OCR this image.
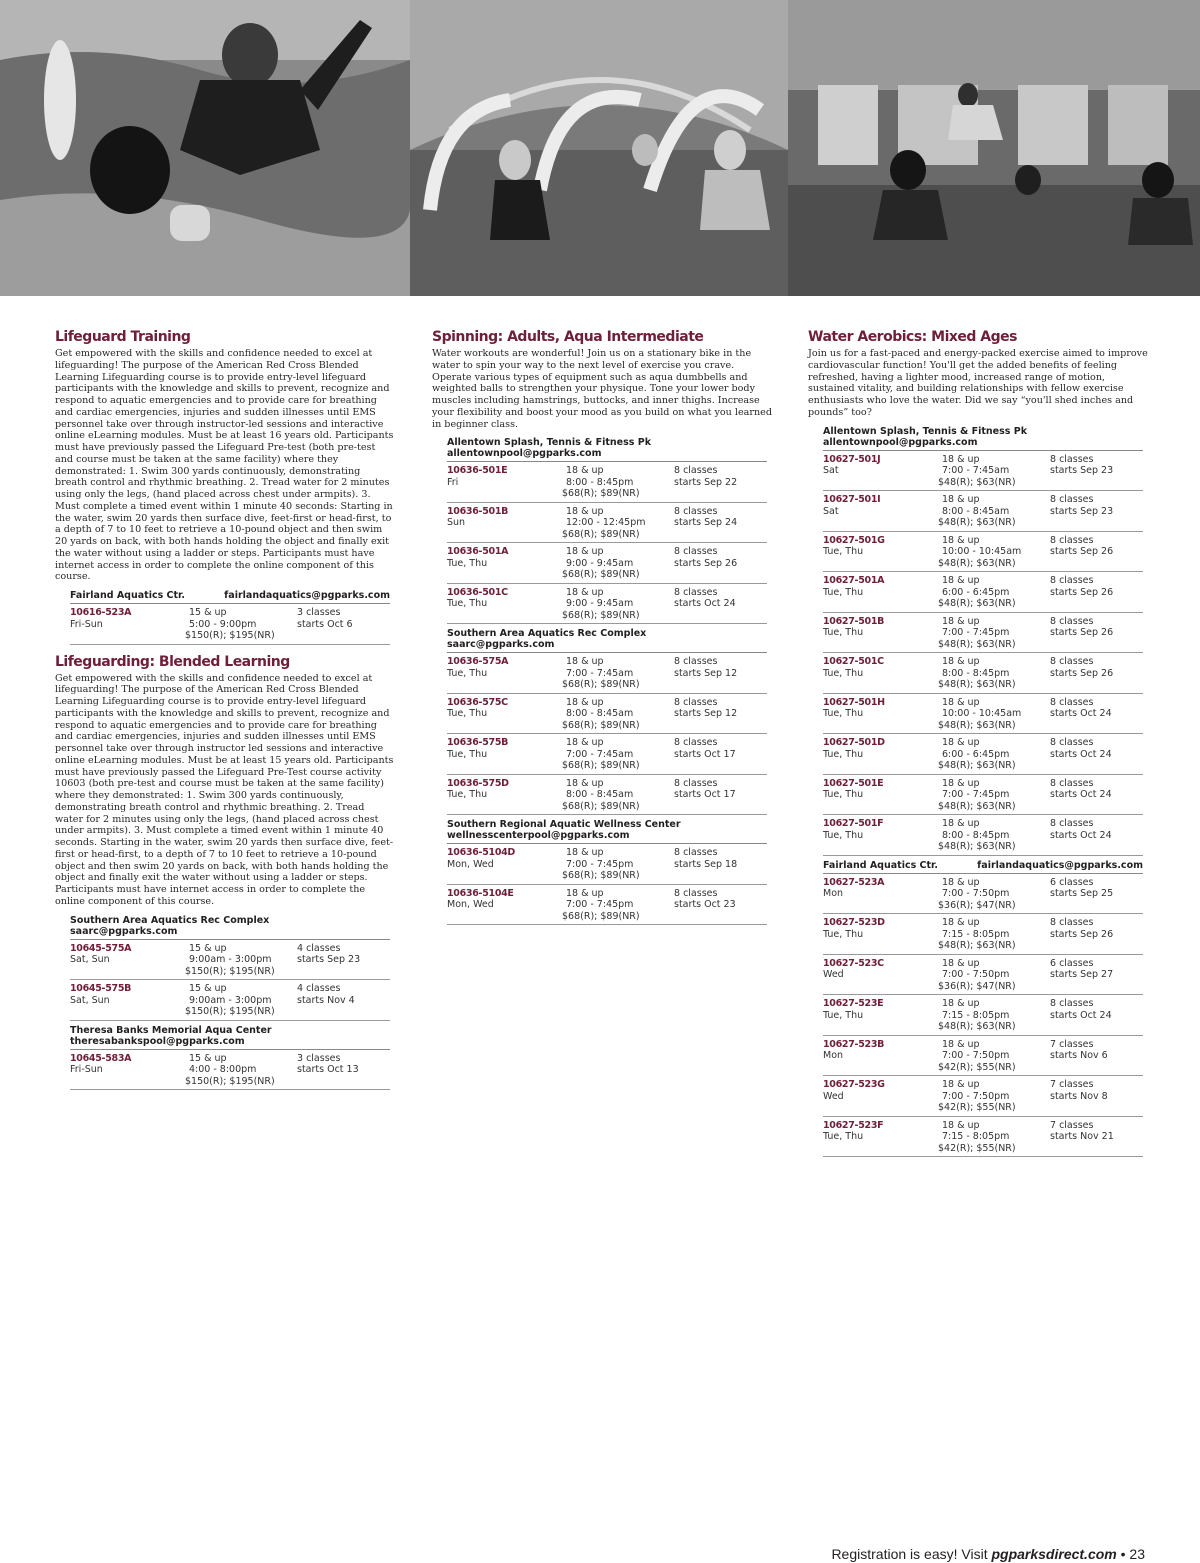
Lifeguard Training

Get empowered with the skills and confidence needed to excel at lifeguarding! The purpose of the American Red Cross Blended Learning Lifeguarding course is to provide entry-level lifeguard participants with the knowledge and skills to prevent, recognize and respond to aquatic emergencies and to provide care for breathing and cardiac emergencies, injuries and sudden illnesses until EMS personnel take over through instructor-led sessions and interactive online eLearning modules. Must be at least 16 years old. Participants must have previously passed the Lifeguard Pre-test (both pre-test and course must be taken at the same facility) where they demonstrated: 1. Swim 300 yards continuously, demonstrating breath control and rhythmic breathing. 2. Tread water for 2 minutes using only the legs, (hand placed across chest under armpits). 3. Must complete a timed event within 1 minute 40 seconds: Starting in the water, swim 20 yards then surface dive, feet-first or head-first, to a depth of 7 to 10 feet to retrieve a 10-pound object and then swim 20 yards on back, with both hands holding the object and finally exit the water without using a ladder or steps. Participants must have internet access in order to complete the online component of this course.

Fairland Aquatics Ctr.	fairlandaquatics@pgparks.com
10616-523A
Fri-Sun
15 & up
5:00 - 9:00pm
$150(R); $195(NR)
3 classes
starts Oct 6
Lifeguarding: Blended Learning

Get empowered with the skills and confidence needed to excel at lifeguarding! The purpose of the American Red Cross Blended Learning Lifeguarding course is to provide entry-level lifeguard participants with the knowledge and skills to prevent, recognize and respond to aquatic emergencies and to provide care for breathing and cardiac emergencies, injuries and sudden illnesses until EMS personnel take over through instructor led sessions and interactive online eLearning modules. Must be at least 15 years old. Participants must have previously passed the Lifeguard Pre-Test course activity 10603 (both pre-test and course must be taken at the same facility) where they demonstrated: 1. Swim 300 yards continuously, demonstrating breath control and rhythmic breathing. 2. Tread water for 2 minutes using only the legs, (hand placed across chest under armpits). 3. Must complete a timed event within 1 minute 40 seconds. Starting in the water, swim 20 yards then surface dive, feet-first or head-first, to a depth of 7 to 10 feet to retrieve a 10-pound object and then swim 20 yards on back, with both hands holding the object and finally exit the water without using a ladder or steps. Participants must have internet access in order to complete the online component of this course.

Southern Area Aquatics Rec Complex
saarc@pgparks.com
10645-575A
Sat, Sun
15 & up
9:00am - 3:00pm
$150(R); $195(NR)
4 classes
starts Sep 23
10645-575B
Sat, Sun
15 & up
9:00am - 3:00pm
$150(R); $195(NR)
4 classes
starts Nov 4
Theresa Banks Memorial Aqua Center
theresabankspool@pgparks.com
10645-583A
Fri-Sun
15 & up
4:00 - 8:00pm
$150(R); $195(NR)
3 classes
starts Oct 13
Spinning: Adults, Aqua Intermediate

Water workouts are wonderful! Join us on a stationary bike in the water to spin your way to the next level of exercise you crave. Operate various types of equipment such as aqua dumbbells and weighted balls to strengthen your physique. Tone your lower body muscles including hamstrings, buttocks, and inner thighs. Increase your flexibility and boost your mood as you build on what you learned in beginner class.

Allentown Splash, Tennis & Fitness Pk
allentownpool@pgparks.com
10636-501E
Fri
18 & up
8:00 - 8:45pm
$68(R); $89(NR)
8 classes
starts Sep 22
10636-501B
Sun
18 & up
12:00 - 12:45pm
$68(R); $89(NR)
8 classes
starts Sep 24
10636-501A
Tue, Thu
18 & up
9:00 - 9:45am
$68(R); $89(NR)
8 classes
starts Sep 26
10636-501C
Tue, Thu
18 & up
9:00 - 9:45am
$68(R); $89(NR)
8 classes
starts Oct 24
Southern Area Aquatics Rec Complex
saarc@pgparks.com
10636-575A
Tue, Thu
18 & up
7:00 - 7:45am
$68(R); $89(NR)
8 classes
starts Sep 12
10636-575C
Tue, Thu
18 & up
8:00 - 8:45am
$68(R); $89(NR)
8 classes
starts Sep 12
10636-575B
Tue, Thu
18 & up
7:00 - 7:45am
$68(R); $89(NR)
8 classes
starts Oct 17
10636-575D
Tue, Thu
18 & up
8:00 - 8:45am
$68(R); $89(NR)
8 classes
starts Oct 17
Southern Regional Aquatic Wellness Center
wellnesscenterpool@pgparks.com
10636-5104D
Mon, Wed
18 & up
7:00 - 7:45pm
$68(R); $89(NR)
8 classes
starts Sep 18
10636-5104E
Mon, Wed
18 & up
7:00 - 7:45pm
$68(R); $89(NR)
8 classes
starts Oct 23
Water Aerobics: Mixed Ages

Join us for a fast-paced and energy-packed exercise aimed to improve cardiovascular function! You'll get the added benefits of feeling refreshed, having a lighter mood, increased range of motion, sustained vitality, and building relationships with fellow exercise enthusiasts who love the water. Did we say “you'll shed inches and pounds” too?

Allentown Splash, Tennis & Fitness Pk
allentownpool@pgparks.com
10627-501J
Sat
18 & up
7:00 - 7:45am
$48(R); $63(NR)
8 classes
starts Sep 23
10627-501I
Sat
18 & up
8:00 - 8:45am
$48(R); $63(NR)
8 classes
starts Sep 23
10627-501G
Tue, Thu
18 & up
10:00 - 10:45am
$48(R); $63(NR)
8 classes
starts Sep 26
10627-501A
Tue, Thu
18 & up
6:00 - 6:45pm
$48(R); $63(NR)
8 classes
starts Sep 26
10627-501B
Tue, Thu
18 & up
7:00 - 7:45pm
$48(R); $63(NR)
8 classes
starts Sep 26
10627-501C
Tue, Thu
18 & up
8:00 - 8:45pm
$48(R); $63(NR)
8 classes
starts Sep 26
10627-501H
Tue, Thu
18 & up
10:00 - 10:45am
$48(R); $63(NR)
8 classes
starts Oct 24
10627-501D
Tue, Thu
18 & up
6:00 - 6:45pm
$48(R); $63(NR)
8 classes
starts Oct 24
10627-501E
Tue, Thu
18 & up
7:00 - 7:45pm
$48(R); $63(NR)
8 classes
starts Oct 24
10627-501F
Tue, Thu
18 & up
8:00 - 8:45pm
$48(R); $63(NR)
8 classes
starts Oct 24
Fairland Aquatics Ctr.	fairlandaquatics@pgparks.com
10627-523A
Mon
18 & up
7:00 - 7:50pm
$36(R); $47(NR)
6 classes
starts Sep 25
10627-523D
Tue, Thu
18 & up
7:15 - 8:05pm
$48(R); $63(NR)
8 classes
starts Sep 26
10627-523C
Wed
18 & up
7:00 - 7:50pm
$36(R); $47(NR)
6 classes
starts Sep 27
10627-523E
Tue, Thu
18 & up
7:15 - 8:05pm
$48(R); $63(NR)
8 classes
starts Oct 24
10627-523B
Mon
18 & up
7:00 - 7:50pm
$42(R); $55(NR)
7 classes
starts Nov 6
10627-523G
Wed
18 & up
7:00 - 7:50pm
$42(R); $55(NR)
7 classes
starts Nov 8
10627-523F
Tue, Thu
18 & up
7:15 - 8:05pm
$42(R); $55(NR)
7 classes
starts Nov 21
Registration is easy! Visit pgparksdirect.com • 23
